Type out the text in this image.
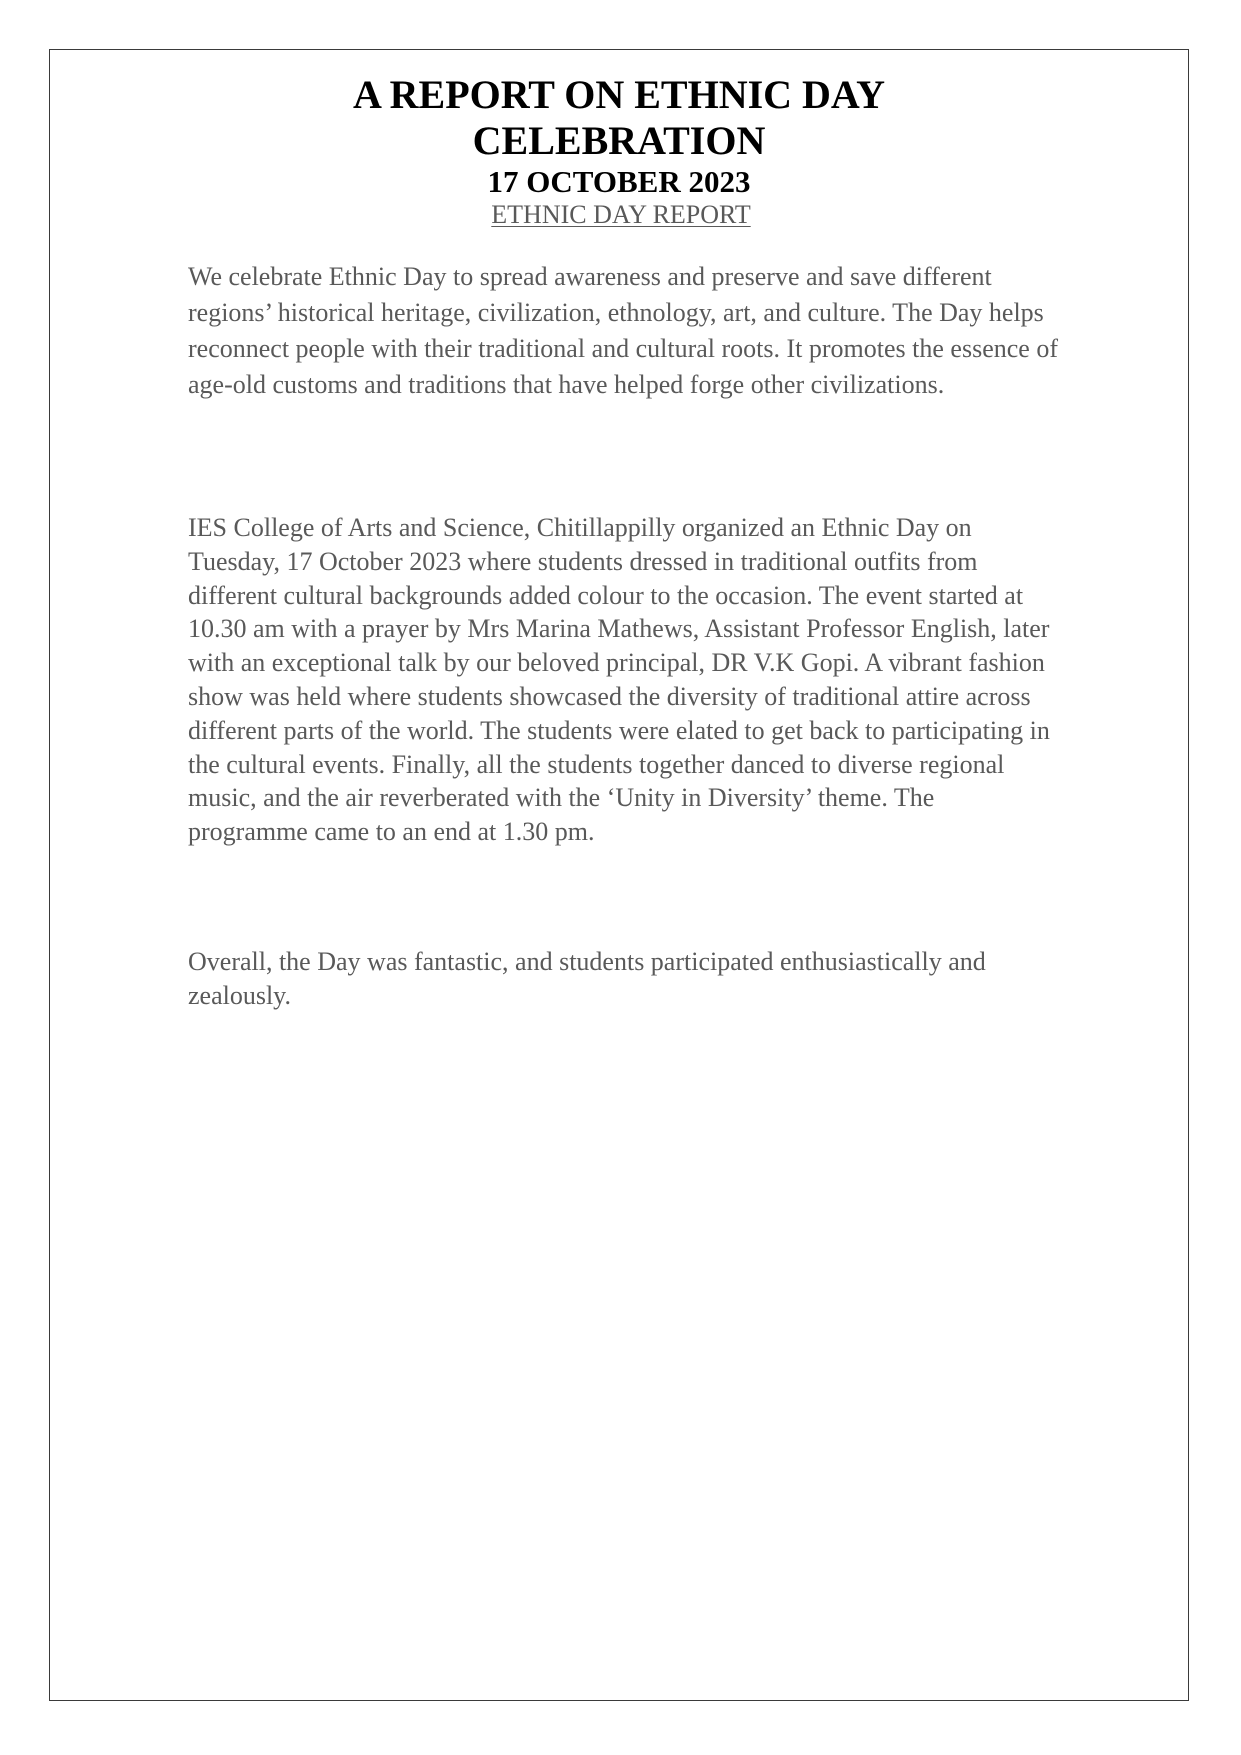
A REPORT ON ETHNIC DAY
CELEBRATION
17 OCTOBER 2023
ETHNIC DAY REPORT

We celebrate Ethnic Day to spread awareness and preserve and save different regions’ historical heritage, civilization, ethnology, art, and culture. The Day helps reconnect people with their traditional and cultural roots. It promotes the essence of age-old customs and traditions that have helped forge other civilizations.

IES College of Arts and Science, Chitillappilly organized an Ethnic Day on Tuesday, 17 October 2023 where students dressed in traditional outfits from different cultural backgrounds added colour to the occasion. The event started at 10.30 am with a prayer by Mrs Marina Mathews, Assistant Professor English, later with an exceptional talk by our beloved principal, DR V.K Gopi. A vibrant fashion show was held where students showcased the diversity of traditional attire across different parts of the world. The students were elated to get back to participating in the cultural events. Finally, all the students together danced to diverse regional music, and the air reverberated with the ‘Unity in Diversity’ theme. The programme came to an end at 1.30 pm.

Overall, the Day was fantastic, and students participated enthusiastically and zealously.
